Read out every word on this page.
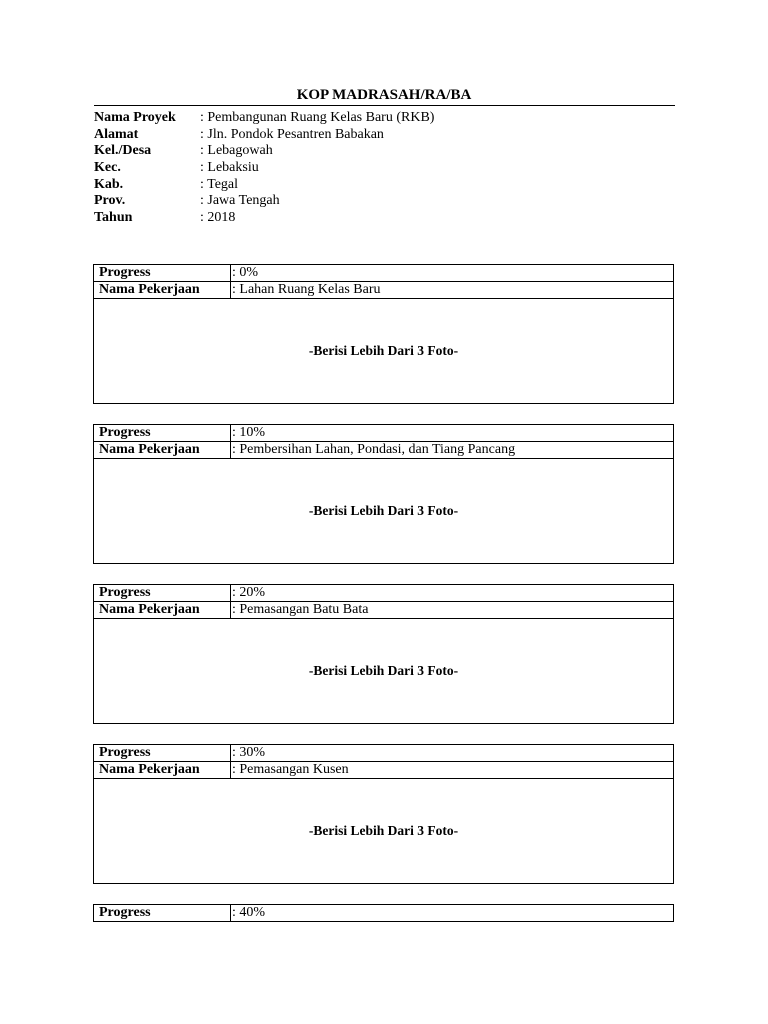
KOP MADRASAH/RA/BA
Nama Proyek : Pembangunan Ruang Kelas Baru (RKB)
Alamat	: Jln. Pondok Pesantren Babakan
Kel./Desa	: Lebagowah
Kec.	: Lebaksiu
Kab.	: Tegal
Prov.	: Jawa Tengah
Tahun	: 2018
Progress	: 0%
Nama Pekerjaan	: Lahan Ruang Kelas Baru
-Berisi Lebih Dari 3 Foto-
Progress	: 10%
Nama Pekerjaan	: Pembersihan Lahan, Pondasi, dan Tiang Pancang
-Berisi Lebih Dari 3 Foto-
Progress	: 20%
Nama Pekerjaan	: Pemasangan Batu Bata
-Berisi Lebih Dari 3 Foto-
Progress	: 30%
Nama Pekerjaan	: Pemasangan Kusen
-Berisi Lebih Dari 3 Foto-
Progress	: 40%
